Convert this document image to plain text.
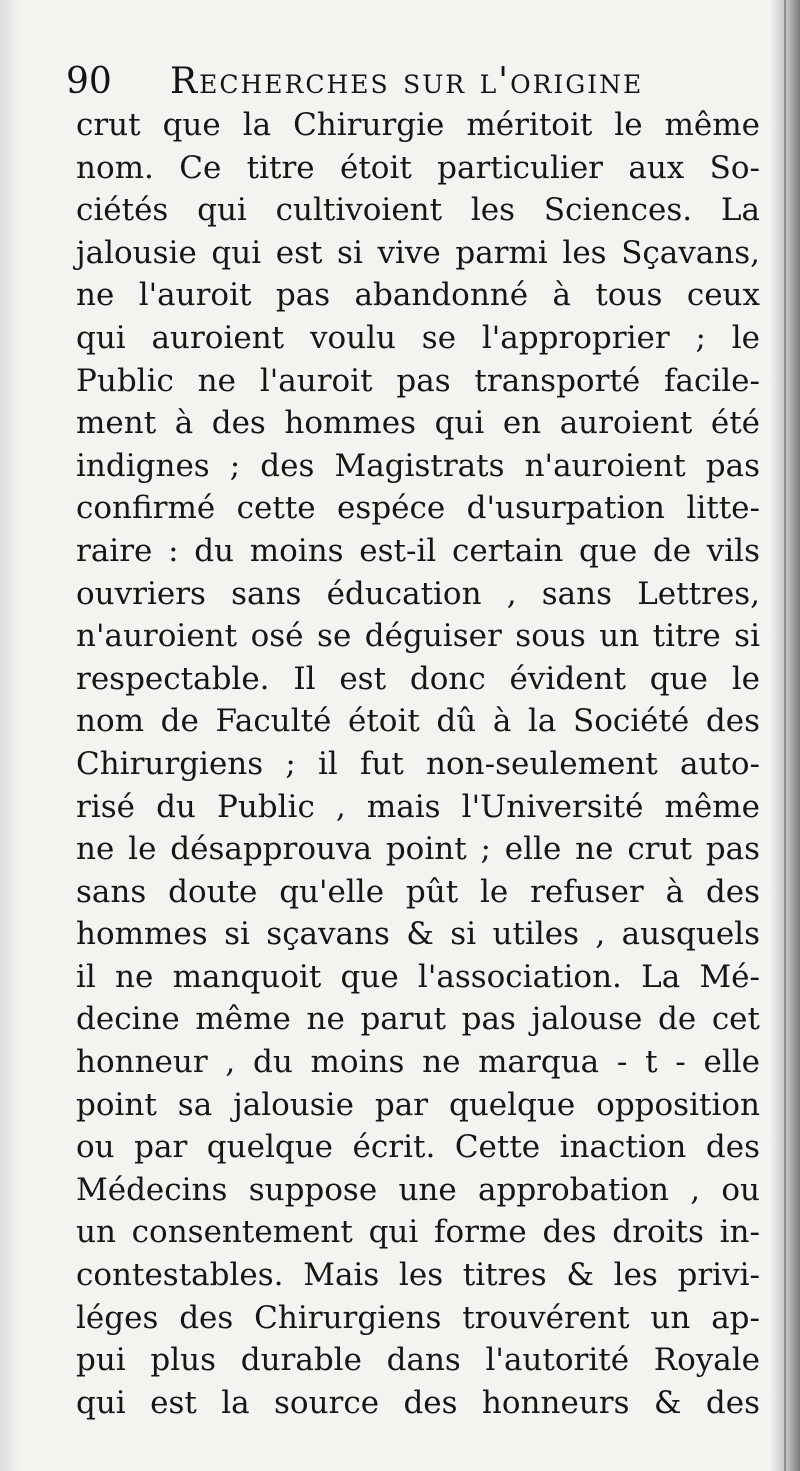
90 Recherches sur l'origine
crut que la Chirurgie méritoit le même
nom. Ce titre étoit particulier aux So-
ciétés qui cultivoient les Sciences. La
jalousie qui est si vive parmi les Sçavans,
ne l'auroit pas abandonné à tous ceux
qui auroient voulu se l'approprier ; le
Public ne l'auroit pas transporté facile-
ment à des hommes qui en auroient été
indignes ; des Magistrats n'auroient pas
confirmé cette espéce d'usurpation litte-
raire : du moins est-il certain que de vils
ouvriers sans éducation , sans Lettres,
n'auroient osé se déguiser sous un titre si
respectable. Il est donc évident que le
nom de Faculté étoit dû à la Société des
Chirurgiens ; il fut non-seulement auto-
risé du Public , mais l'Université même
ne le désapprouva point ; elle ne crut pas
sans doute qu'elle pût le refuser à des
hommes si sçavans & si utiles , ausquels
il ne manquoit que l'association. La Mé-
decine même ne parut pas jalouse de cet
honneur , du moins ne marqua - t - elle
point sa jalousie par quelque opposition
ou par quelque écrit. Cette inaction des
Médecins suppose une approbation , ou
un consentement qui forme des droits in-
contestables. Mais les titres & les privi-
léges des Chirurgiens trouvérent un ap-
pui plus durable dans l'autorité Royale
qui est la source des honneurs & des
